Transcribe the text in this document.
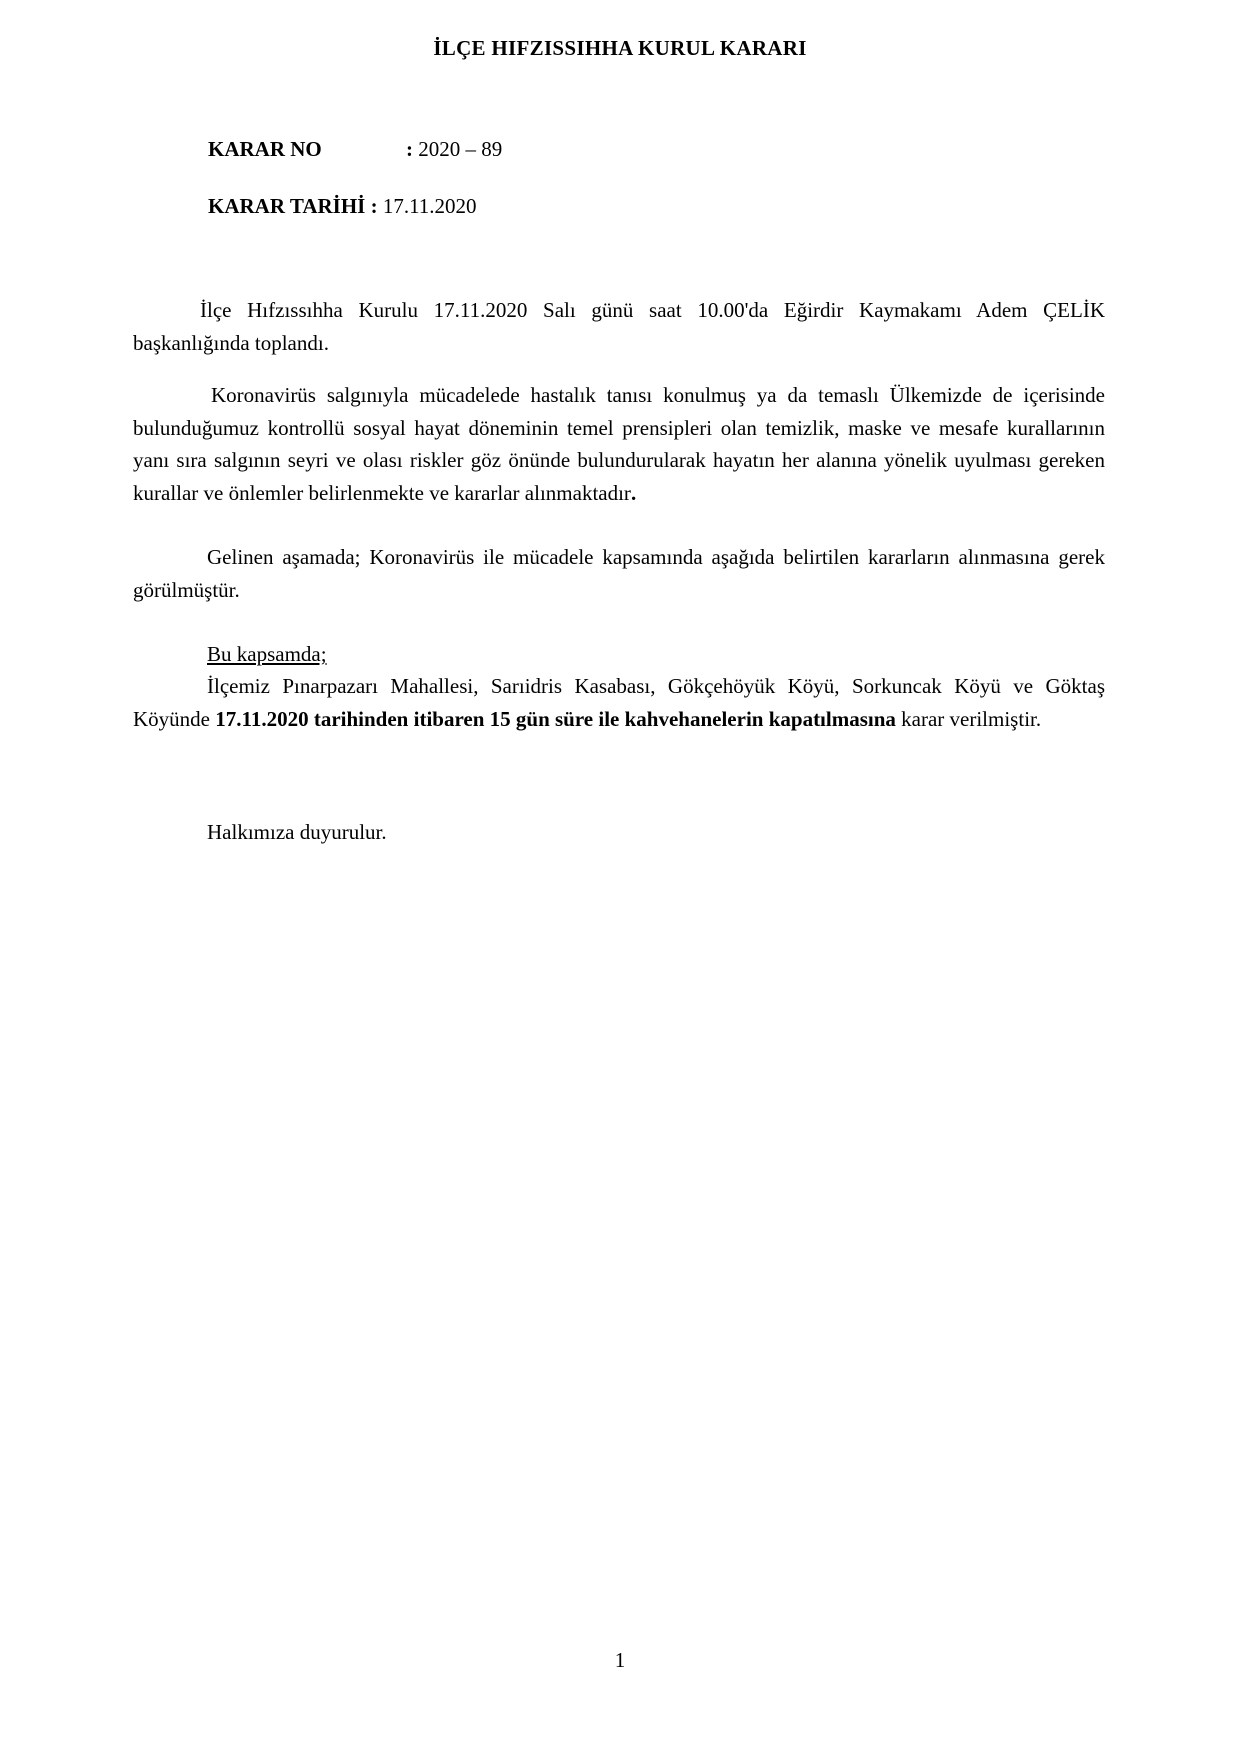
İLÇE HIFZISSIHHA KURUL KARARI
KARAR NO	: 2020 – 89
KARAR TARİHİ : 17.11.2020

İlçe Hıfzıssıhha Kurulu 17.11.2020 Salı günü saat 10.00'da Eğirdir Kaymakamı Adem ÇELİK başkanlığında toplandı.

Koronavirüs salgınıyla mücadelede hastalık tanısı konulmuş ya da temaslı Ülkemizde de içerisinde bulunduğumuz kontrollü sosyal hayat döneminin temel prensipleri olan temizlik, maske ve mesafe kurallarının yanı sıra salgının seyri ve olası riskler göz önünde bulundurularak hayatın her alanına yönelik uyulması gereken kurallar ve önlemler belirlenmekte ve kararlar alınmaktadır.

Gelinen aşamada; Koronavirüs ile mücadele kapsamında aşağıda belirtilen kararların alınmasına gerek görülmüştür.

Bu kapsamda;

İlçemiz Pınarpazarı Mahallesi, Sarıidris Kasabası, Gökçehöyük Köyü, Sorkuncak Köyü ve Göktaş Köyünde 17.11.2020 tarihinden itibaren 15 gün süre ile kahvehanelerin kapatılmasına karar verilmiştir.

Halkımıza duyurulur.

1
